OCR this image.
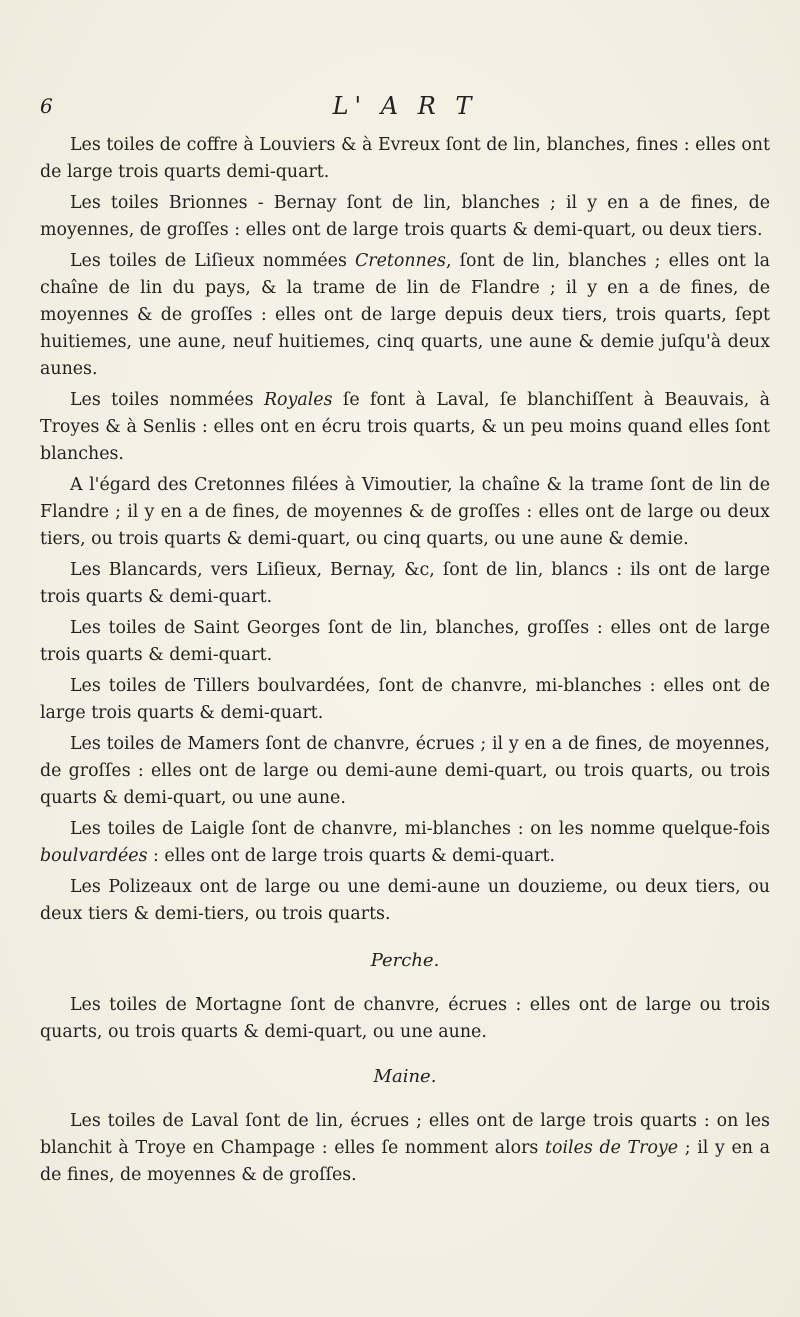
6	L' A R T

Les toiles de coffre à Louviers & à Evreux ſont de lin, blanches, fines : elles ont de large trois quarts demi-quart.

Les toiles Brionnes - Bernay ſont de lin, blanches ; il y en a de fines, de moyennes, de groſſes : elles ont de large trois quarts & demi-quart, ou deux tiers.

Les toiles de Liſieux nommées Cretonnes, ſont de lin, blanches ; elles ont la chaîne de lin du pays, & la trame de lin de Flandre ; il y en a de fines, de moyennes & de groſſes : elles ont de large depuis deux tiers, trois quarts, ſept huitiemes, une aune, neuf huitiemes, cinq quarts, une aune & demie juſqu'à deux aunes.

Les toiles nommées Royales ſe font à Laval, ſe blanchiſſent à Beauvais, à Troyes & à Senlis : elles ont en écru trois quarts, & un peu moins quand elles ſont blanches.

A l'égard des Cretonnes filées à Vimoutier, la chaîne & la trame ſont de lin de Flandre ; il y en a de fines, de moyennes & de groſſes : elles ont de large ou deux tiers, ou trois quarts & demi-quart, ou cinq quarts, ou une aune & demie.

Les Blancards, vers Liſieux, Bernay, &c, ſont de lin, blancs : ils ont de large trois quarts & demi-quart.

Les toiles de Saint Georges ſont de lin, blanches, groſſes : elles ont de large trois quarts & demi-quart.

Les toiles de Tillers boulvardées, ſont de chanvre, mi-blanches : elles ont de large trois quarts & demi-quart.

Les toiles de Mamers ſont de chanvre, écrues ; il y en a de fines, de moyennes, de groſſes : elles ont de large ou demi-aune demi-quart, ou trois quarts, ou trois quarts & demi-quart, ou une aune.

Les toiles de Laigle ſont de chanvre, mi-blanches : on les nomme quelque-fois boulvardées : elles ont de large trois quarts & demi-quart.

Les Polizeaux ont de large ou une demi-aune un douzieme, ou deux tiers, ou deux tiers & demi-tiers, ou trois quarts.

Perche.

Les toiles de Mortagne ſont de chanvre, écrues : elles ont de large ou trois quarts, ou trois quarts & demi-quart, ou une aune.

Maine.

Les toiles de Laval ſont de lin, écrues ; elles ont de large trois quarts : on les blanchit à Troye en Champage : elles ſe nomment alors toiles de Troye ; il y en a de fines, de moyennes & de groſſes.
